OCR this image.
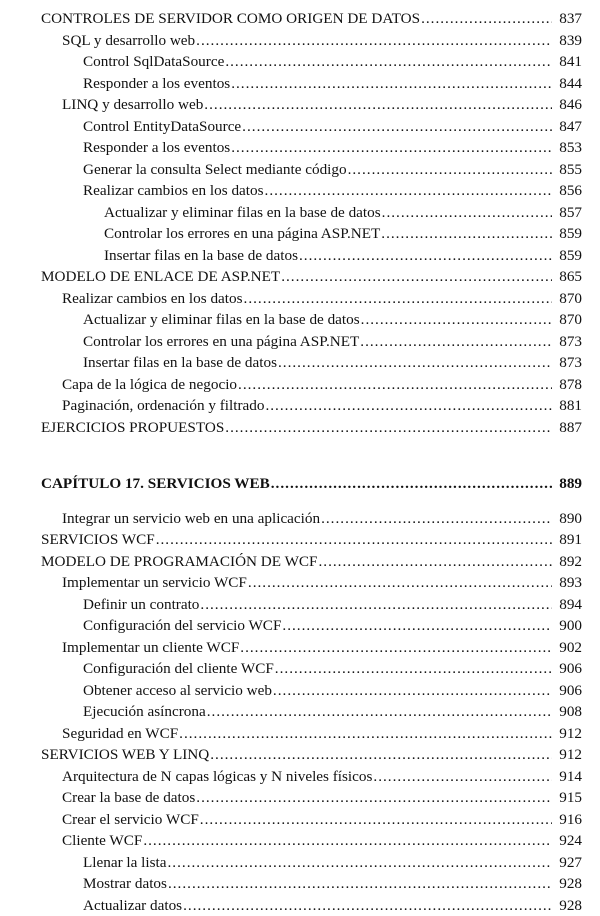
CONTROLES DE SERVIDOR COMO ORIGEN DE DATOS .....	837
SQL y desarrollo web .....	839
Control SqlDataSource .....	841
Responder a los eventos .....	844
LINQ y desarrollo web .....	846
Control EntityDataSource .....	847
Responder a los eventos .....	853
Generar la consulta Select mediante código .....	855
Realizar cambios en los datos .....	856
Actualizar y eliminar filas en la base de datos .....	857
Controlar los errores en una página ASP.NET .....	859
Insertar filas en la base de datos .....	859
MODELO DE ENLACE DE ASP.NET .....	865
Realizar cambios en los datos .....	870
Actualizar y eliminar filas en la base de datos .....	870
Controlar los errores en una página ASP.NET .....	873
Insertar filas en la base de datos .....	873
Capa de la lógica de negocio .....	878
Paginación, ordenación y filtrado .....	881
EJERCICIOS PROPUESTOS .....	887
CAPÍTULO 17. SERVICIOS WEB .....	889
Integrar un servicio web en una aplicación .....	890
SERVICIOS WCF .....	891
MODELO DE PROGRAMACIÓN DE WCF .....	892
Implementar un servicio WCF .....	893
Definir un contrato .....	894
Configuración del servicio WCF .....	900
Implementar un cliente WCF .....	902
Configuración del cliente WCF .....	906
Obtener acceso al servicio web .....	906
Ejecución asíncrona .....	908
Seguridad en WCF .....	912
SERVICIOS WEB Y LINQ .....	912
Arquitectura de N capas lógicas y N niveles físicos .....	914
Crear la base de datos .....	915
Crear el servicio WCF .....	916
Cliente WCF .....	924
Llenar la lista .....	927
Mostrar datos .....	928
Actualizar datos .....	928
